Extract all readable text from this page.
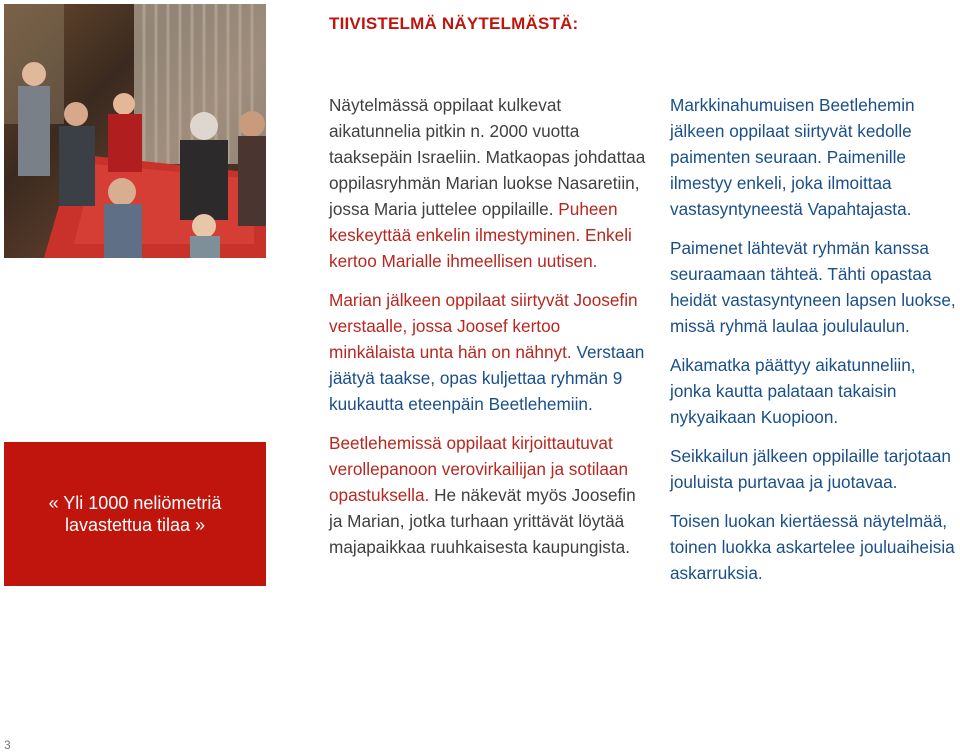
« Yli 1000 neliömetriä lavastettua tilaa »
TIIVISTELMÄ NÄYTELMÄSTÄ:

Näytelmässä oppilaat kulkevat aikatunnelia pitkin n. 2000 vuotta taaksepäin Israeliin. Matkaopas johdattaa oppilasryhmän Marian luokse Nasaretiin, jossa Maria juttelee oppilaille. Puheen keskeyttää enkelin ilmestyminen. Enkeli kertoo Marialle ihmeellisen uutisen.

Marian jälkeen oppilaat siirtyvät Joosefin verstaalle, jossa Joosef kertoo minkälaista unta hän on nähnyt. Verstaan jäätyä taakse, opas kuljettaa ryhmän 9 kuukautta eteenpäin Beetlehemiin.

Beetlehemissä oppilaat kirjoittautuvat verollepanoon verovirkailijan ja sotilaan opastuksella. He näkevät myös Joosefin ja Marian, jotka turhaan yrittävät löytää majapaikkaa ruuhkaisesta kaupungista.

Markkinahumuisen Beetlehemin jälkeen oppilaat siirtyvät kedolle paimenten seuraan. Paimenille ilmestyy enkeli, joka ilmoittaa vastasyntyneestä Vapahtajasta.

Paimenet lähtevät ryhmän kanssa seuraamaan tähteä. Tähti opastaa heidät vastasyntyneen lapsen luokse, missä ryhmä laulaa joululaulun.

Aikamatka päättyy aikatunneliin, jonka kautta palataan takaisin nykyaikaan Kuopioon.

Seikkailun jälkeen oppilaille tarjotaan jouluista purtavaa ja juotavaa.

Toisen luokan kiertäessä näytelmää, toinen luokka askartelee jouluaiheisia askarruksia.

3
